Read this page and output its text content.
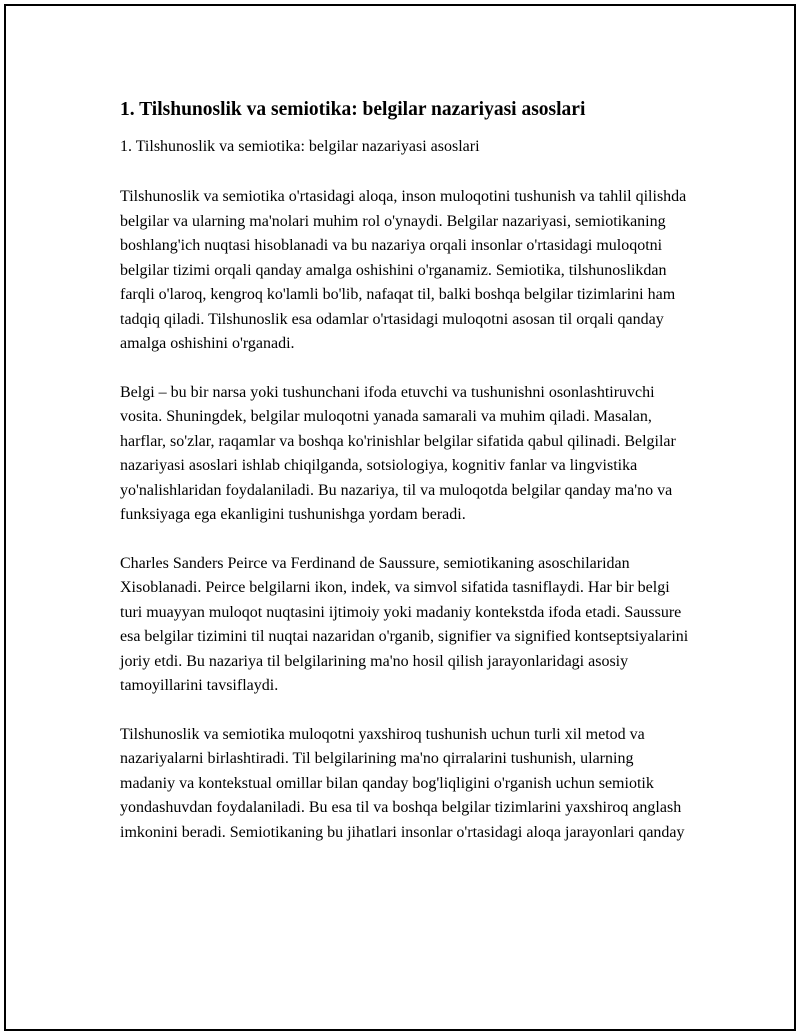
1. Tilshunoslik va semiotika: belgilar nazariyasi asoslari
1. Tilshunoslik va semiotika: belgilar nazariyasi asoslari

Tilshunoslik va semiotika o'rtasidagi aloqa, inson muloqotini tushunish va tahlil qilishda belgilar va ularning ma'nolari muhim rol o'ynaydi. Belgilar nazariyasi, semiotikaning boshlang'ich nuqtasi hisoblanadi va bu nazariya orqali insonlar o'rtasidagi muloqotni belgilar tizimi orqali qanday amalga oshishini o'rganamiz. Semiotika, tilshunoslikdan farqli o'laroq, kengroq ko'lamli bo'lib, nafaqat til, balki boshqa belgilar tizimlarini ham tadqiq qiladi. Tilshunoslik esa odamlar o'rtasidagi muloqotni asosan til orqali qanday amalga oshishini o'rganadi.

Belgi – bu bir narsa yoki tushunchani ifoda etuvchi va tushunishni osonlashtiruvchi vosita. Shuningdek, belgilar muloqotni yanada samarali va muhim qiladi. Masalan, harflar, so'zlar, raqamlar va boshqa ko'rinishlar belgilar sifatida qabul qilinadi. Belgilar nazariyasi asoslari ishlab chiqilganda, sotsiologiya, kognitiv fanlar va lingvistika yo'nalishlaridan foydalaniladi. Bu nazariya, til va muloqotda belgilar qanday ma'no va funksiyaga ega ekanligini tushunishga yordam beradi.

Charles Sanders Peirce va Ferdinand de Saussure, semiotikaning asoschilaridan Xisoblanadi. Peirce belgilarni ikon, indek, va simvol sifatida tasniflaydi. Har bir belgi turi muayyan muloqot nuqtasini ijtimoiy yoki madaniy kontekstda ifoda etadi. Saussure esa belgilar tizimini til nuqtai nazaridan o'rganib, signifier va signified kontseptsiyalarini joriy etdi. Bu nazariya til belgilarining ma'no hosil qilish jarayonlaridagi asosiy tamoyillarini tavsiflaydi.

Tilshunoslik va semiotika muloqotni yaxshiroq tushunish uchun turli xil metod va nazariyalarni birlashtiradi. Til belgilarining ma'no qirralarini tushunish, ularning madaniy va kontekstual omillar bilan qanday bog'liqligini o'rganish uchun semiotik yondashuvdan foydalaniladi. Bu esa til va boshqa belgilar tizimlarini yaxshiroq anglash imkonini beradi. Semiotikaning bu jihatlari insonlar o'rtasidagi aloqa jarayonlari qanday
